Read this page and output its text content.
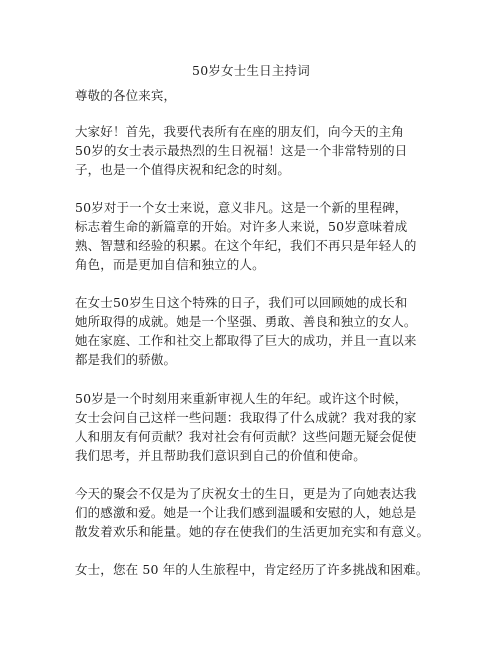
50岁女士生日主持词
尊敬的各位来宾，
大家好！首先，我要代表所有在座的朋友们，向今天的主角
50岁的女士表示最热烈的生日祝福！这是一个非常特别的日
子，也是一个值得庆祝和纪念的时刻。
50岁对于一个女士来说，意义非凡。这是一个新的里程碑，
标志着生命的新篇章的开始。对许多人来说，50岁意味着成
熟、智慧和经验的积累。在这个年纪，我们不再只是年轻人的
角色，而是更加自信和独立的人。
在女士50岁生日这个特殊的日子，我们可以回顾她的成长和
她所取得的成就。她是一个坚强、勇敢、善良和独立的女人。
她在家庭、工作和社交上都取得了巨大的成功，并且一直以来
都是我们的骄傲。
50岁是一个时刻用来重新审视人生的年纪。或许这个时候，
女士会问自己这样一些问题：我取得了什么成就？我对我的家
人和朋友有何贡献？我对社会有何贡献？这些问题无疑会促使
我们思考，并且帮助我们意识到自己的价值和使命。
今天的聚会不仅是为了庆祝女士的生日，更是为了向她表达我
们的感激和爱。她是一个让我们感到温暖和安慰的人，她总是
散发着欢乐和能量。她的存在使我们的生活更加充实和有意义。
女士，您在 50 年的人生旅程中，肯定经历了许多挑战和困难。
